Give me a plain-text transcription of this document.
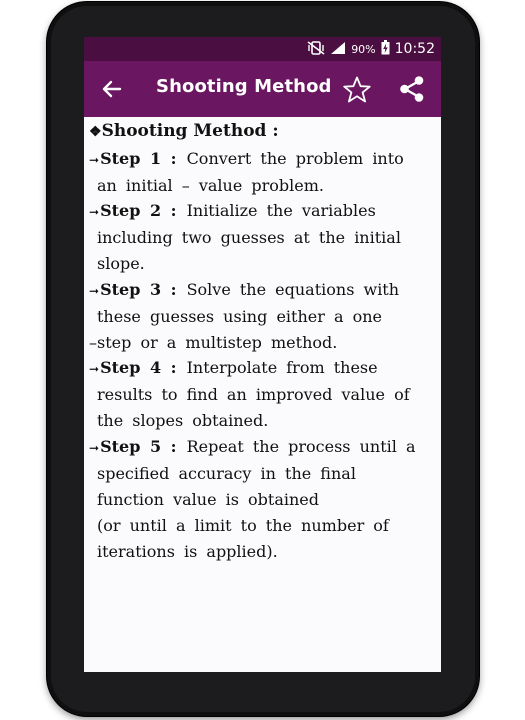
90% 10:52
Shooting Method
❖Shooting Method :
➞Step 1 : Convert the problem into
an initial – value problem.
➞Step 2 : Initialize the variables
including two guesses at the initial
slope.
➞Step 3 : Solve the equations with
these guesses using either a one
–step or a multistep method.
➞Step 4 : Interpolate from these
results to find an improved value of
the slopes obtained.
➞Step 5 : Repeat the process until a
specified accuracy in the final
function value is obtained
(or until a limit to the number of
iterations is applied).
